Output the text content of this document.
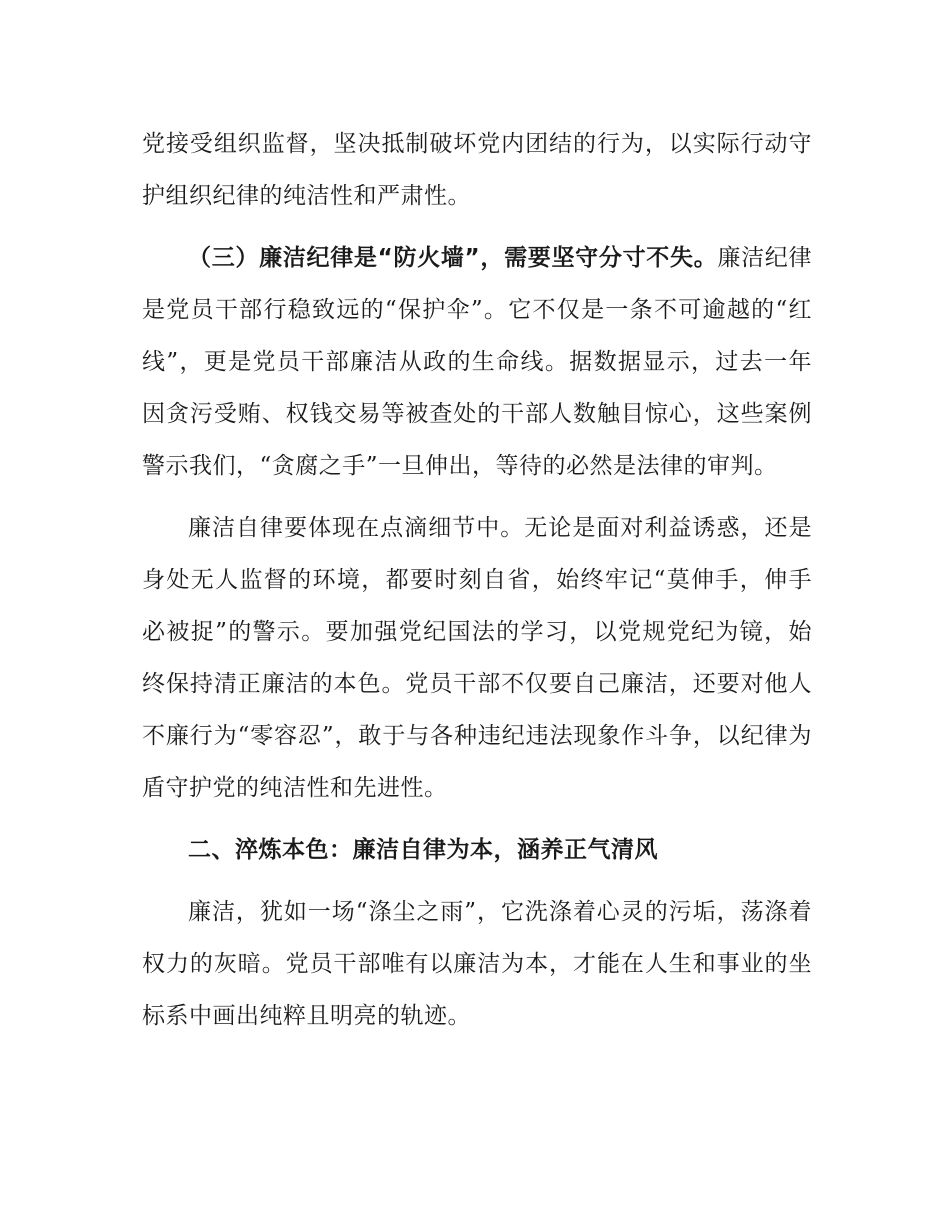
党接受组织监督，坚决抵制破坏党内团结的行为，以实际行动守护组织纪律的纯洁性和严肃性。

（三）廉洁纪律是“防火墙”，需要坚守分寸不失。廉洁纪律是党员干部行稳致远的“保护伞”。它不仅是一条不可逾越的“红线”，更是党员干部廉洁从政的生命线。据数据显示，过去一年因贪污受贿、权钱交易等被查处的干部人数触目惊心，这些案例警示我们，“贪腐之手”一旦伸出，等待的必然是法律的审判。

廉洁自律要体现在点滴细节中。无论是面对利益诱惑，还是身处无人监督的环境，都要时刻自省，始终牢记“莫伸手，伸手必被捉”的警示。要加强党纪国法的学习，以党规党纪为镜，始终保持清正廉洁的本色。党员干部不仅要自己廉洁，还要对他人不廉行为“零容忍”，敢于与各种违纪违法现象作斗争，以纪律为盾守护党的纯洁性和先进性。

二、淬炼本色：廉洁自律为本，涵养正气清风

廉洁，犹如一场“涤尘之雨”，它洗涤着心灵的污垢，荡涤着权力的灰暗。党员干部唯有以廉洁为本，才能在人生和事业的坐标系中画出纯粹且明亮的轨迹。
